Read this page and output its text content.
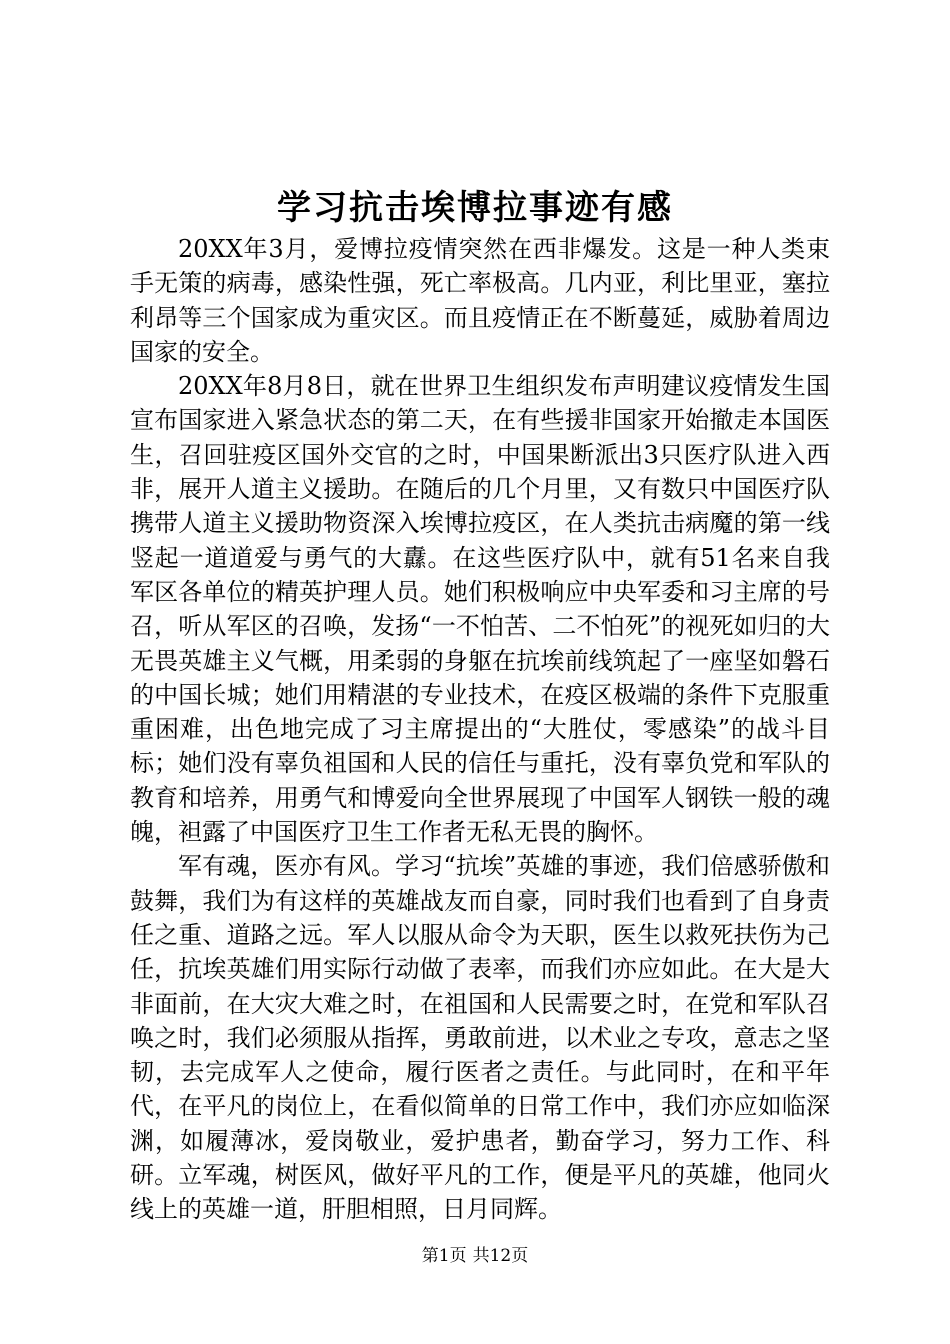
学习抗击埃博拉事迹有感

20XX年3月，爱博拉疫情突然在西非爆发。这是一种人类束手无策的病毒，感染性强，死亡率极高。几内亚，利比里亚，塞拉利昂等三个国家成为重灾区。而且疫情正在不断蔓延，威胁着周边国家的安全。

20XX年8月8日，就在世界卫生组织发布声明建议疫情发生国宣布国家进入紧急状态的第二天，在有些援非国家开始撤走本国医生，召回驻疫区国外交官的之时，中国果断派出3只医疗队进入西非，展开人道主义援助。在随后的几个月里，又有数只中国医疗队携带人道主义援助物资深入埃博拉疫区，在人类抗击病魔的第一线竖起一道道爱与勇气的大纛。在这些医疗队中，就有51名来自我军区各单位的精英护理人员。她们积极响应中央军委和习主席的号召，听从军区的召唤，发扬“一不怕苦、二不怕死”的视死如归的大无畏英雄主义气概，用柔弱的身躯在抗埃前线筑起了一座坚如磐石的中国长城；她们用精湛的专业技术，在疫区极端的条件下克服重重困难，出色地完成了习主席提出的“大胜仗，零感染”的战斗目标；她们没有辜负祖国和人民的信任与重托，没有辜负党和军队的教育和培养，用勇气和博爱向全世界展现了中国军人钢铁一般的魂魄，袒露了中国医疗卫生工作者无私无畏的胸怀。

军有魂，医亦有风。学习“抗埃”英雄的事迹，我们倍感骄傲和鼓舞，我们为有这样的英雄战友而自豪，同时我们也看到了自身责任之重、道路之远。军人以服从命令为天职，医生以救死扶伤为己任，抗埃英雄们用实际行动做了表率，而我们亦应如此。在大是大非面前，在大灾大难之时，在祖国和人民需要之时，在党和军队召唤之时，我们必须服从指挥，勇敢前进，以术业之专攻，意志之坚韧，去完成军人之使命，履行医者之责任。与此同时，在和平年代，在平凡的岗位上，在看似简单的日常工作中，我们亦应如临深渊，如履薄冰，爱岗敬业，爱护患者，勤奋学习，努力工作、科研。立军魂，树医风，做好平凡的工作，便是平凡的英雄，他同火线上的英雄一道，肝胆相照，日月同辉。

第1页 共12页
